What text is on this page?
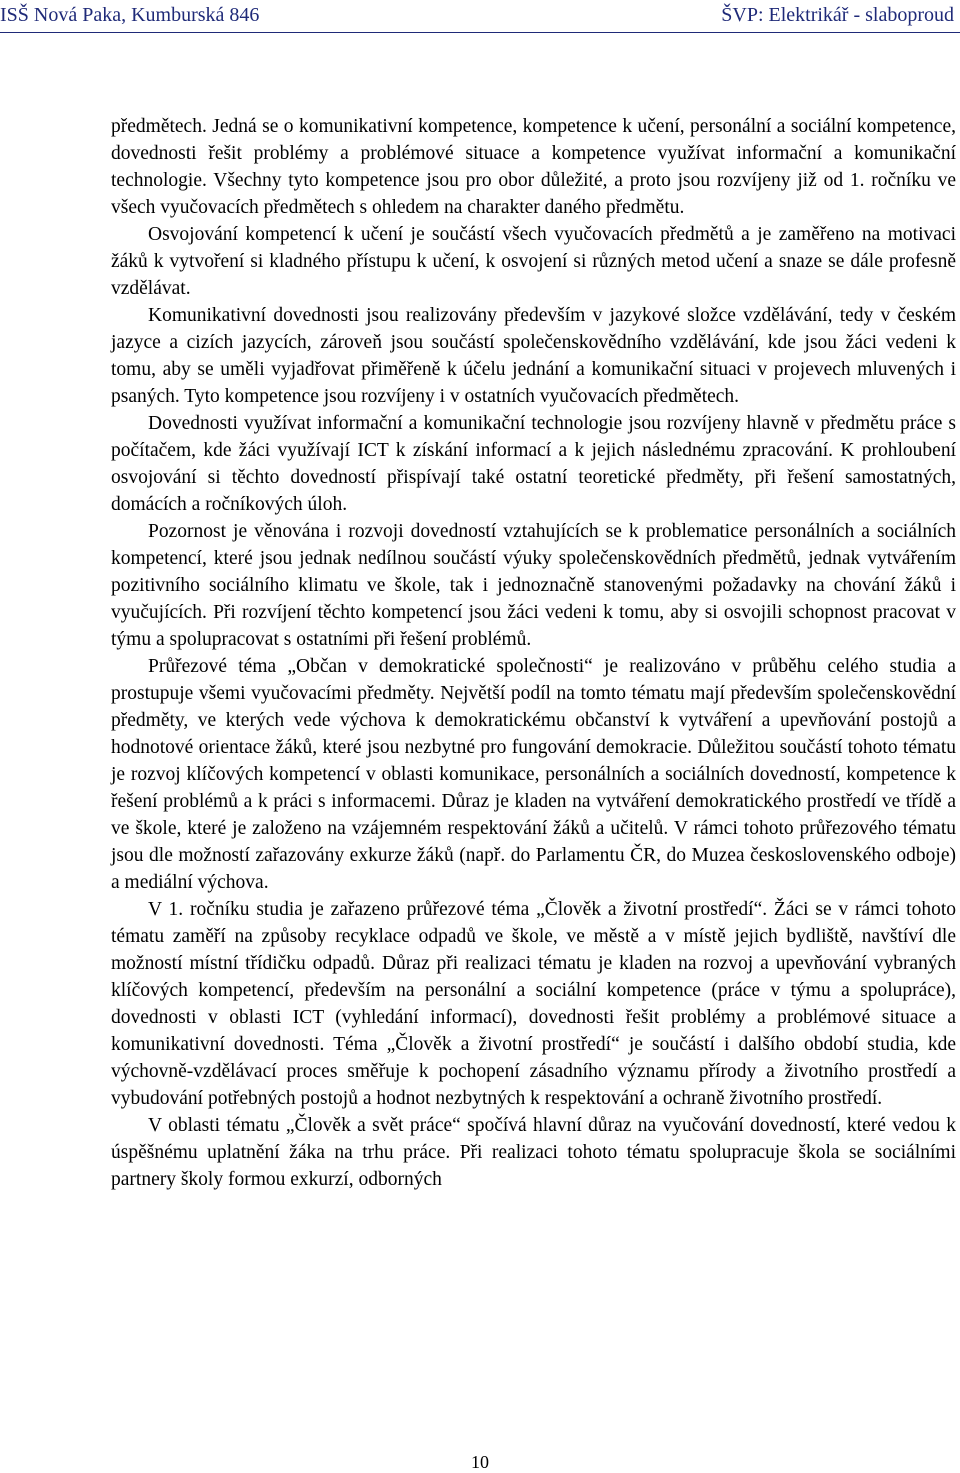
ISŠ Nová Paka, Kumburská 846	ŠVP: Elektrikář - slaboproud

předmětech. Jedná se o komunikativní kompetence, kompetence k učení, personální a sociální kompetence, dovednosti řešit problémy a problémové situace a kompetence využívat informační a komunikační technologie. Všechny tyto kompetence jsou pro obor důležité, a proto jsou rozvíjeny již od 1. ročníku ve všech vyučovacích předmětech s ohledem na charakter daného předmětu.

Osvojování kompetencí k učení je součástí všech vyučovacích předmětů a je zaměřeno na motivaci žáků k vytvoření si kladného přístupu k učení, k osvojení si různých metod učení a snaze se dále profesně vzdělávat.

Komunikativní dovednosti jsou realizovány především v jazykové složce vzdělávání, tedy v českém jazyce a cizích jazycích, zároveň jsou součástí společenskovědního vzdělávání, kde jsou žáci vedeni k tomu, aby se uměli vyjadřovat přiměřeně k účelu jednání a komunikační situaci v projevech mluvených i psaných. Tyto kompetence jsou rozvíjeny i v ostatních vyučovacích předmětech.

Dovednosti využívat informační a komunikační technologie jsou rozvíjeny hlavně v předmětu práce s počítačem, kde žáci využívají ICT k získání informací a k jejich následnému zpracování. K prohloubení osvojování si těchto dovedností přispívají také ostatní teoretické předměty, při řešení samostatných, domácích a ročníkových úloh.

Pozornost je věnována i rozvoji dovedností vztahujících se k problematice personálních a sociálních kompetencí, které jsou jednak nedílnou součástí výuky společenskovědních předmětů, jednak vytvářením pozitivního sociálního klimatu ve škole, tak i jednoznačně stanovenými požadavky na chování žáků i vyučujících. Při rozvíjení těchto kompetencí jsou žáci vedeni k tomu, aby si osvojili schopnost pracovat v týmu a spolupracovat s ostatními při řešení problémů.

Průřezové téma „Občan v demokratické společnosti“ je realizováno v průběhu celého studia a prostupuje všemi vyučovacími předměty. Největší podíl na tomto tématu mají především společenskovědní předměty, ve kterých vede výchova k demokratickému občanství k vytváření a upevňování postojů a hodnotové orientace žáků, které jsou nezbytné pro fungování demokracie. Důležitou součástí tohoto tématu je rozvoj klíčových kompetencí v oblasti komunikace, personálních a sociálních dovedností, kompetence k řešení problémů a k práci s informacemi. Důraz je kladen na vytváření demokratického prostředí ve třídě a ve škole, které je založeno na vzájemném respektování žáků a učitelů. V rámci tohoto průřezového tématu jsou dle možností zařazovány exkurze žáků (např. do Parlamentu ČR, do Muzea československého odboje) a mediální výchova.

V 1. ročníku studia je zařazeno průřezové téma „Člověk a životní prostředí“. Žáci se v rámci tohoto tématu zaměří na způsoby recyklace odpadů ve škole, ve městě a v místě jejich bydliště, navštíví dle možností místní třídičku odpadů. Důraz při realizaci tématu je kladen na rozvoj a upevňování vybraných klíčových kompetencí, především na personální a sociální kompetence (práce v týmu a spolupráce), dovednosti v oblasti ICT (vyhledání informací), dovednosti řešit problémy a problémové situace a komunikativní dovednosti. Téma „Člověk a životní prostředí“ je součástí i dalšího období studia, kde výchovně-vzdělávací proces směřuje k pochopení zásadního významu přírody a životního prostředí a vybudování potřebných postojů a hodnot nezbytných k respektování a ochraně životního prostředí.

V oblasti tématu „Člověk a svět práce“ spočívá hlavní důraz na vyučování dovedností, které vedou k úspěšnému uplatnění žáka na trhu práce. Při realizaci tohoto tématu spolupracuje škola se sociálními partnery školy formou exkurzí, odborných

10
